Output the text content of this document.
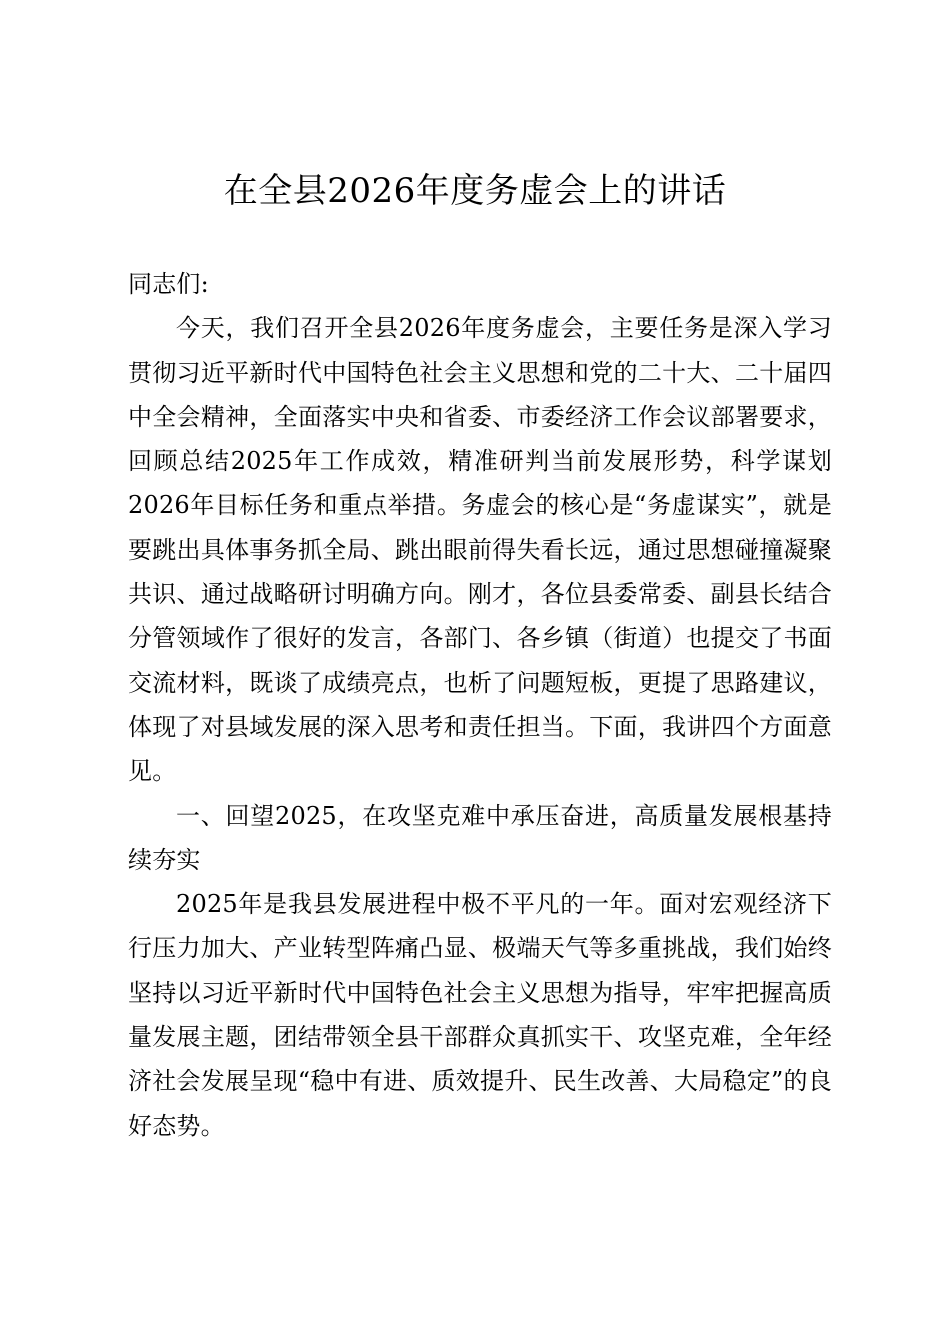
在全县2026年度务虚会上的讲话

同志们:

今天，我们召开全县2026年度务虚会，主要任务是深入学习贯彻习近平新时代中国特色社会主义思想和党的二十大、二十届四中全会精神，全面落实中央和省委、市委经济工作会议部署要求，回顾总结2025年工作成效，精准研判当前发展形势，科学谋划2026年目标任务和重点举措。务虚会的核心是“务虚谋实”，就是要跳出具体事务抓全局、跳出眼前得失看长远，通过思想碰撞凝聚共识、通过战略研讨明确方向。刚才，各位县委常委、副县长结合分管领域作了很好的发言，各部门、各乡镇（街道）也提交了书面交流材料，既谈了成绩亮点，也析了问题短板，更提了思路建议，体现了对县域发展的深入思考和责任担当。下面，我讲四个方面意见。

一、回望2025，在攻坚克难中承压奋进，高质量发展根基持续夯实

2025年是我县发展进程中极不平凡的一年。面对宏观经济下行压力加大、产业转型阵痛凸显、极端天气等多重挑战，我们始终坚持以习近平新时代中国特色社会主义思想为指导，牢牢把握高质量发展主题，团结带领全县干部群众真抓实干、攻坚克难，全年经济社会发展呈现“稳中有进、质效提升、民生改善、大局稳定”的良好态势。
